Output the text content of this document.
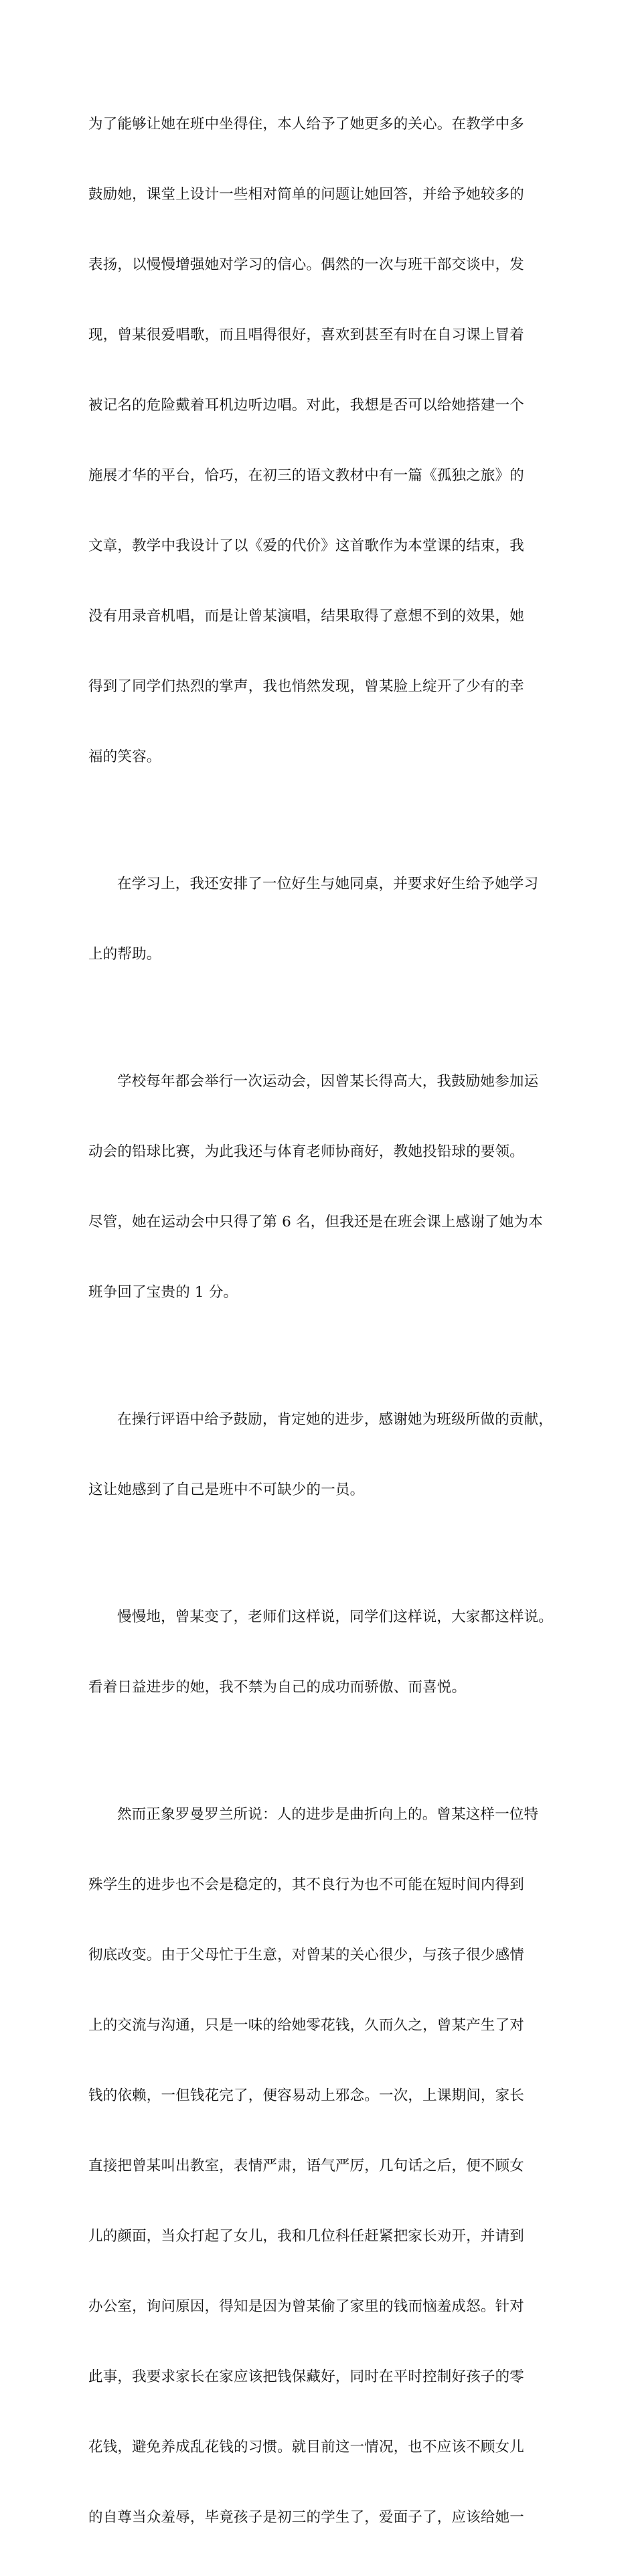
为了能够让她在班中坐得住，本人给予了她更多的关心。在教学中多

鼓励她，课堂上设计一些相对简单的问题让她回答，并给予她较多的

表扬，以慢慢增强她对学习的信心。偶然的一次与班干部交谈中，发

现，曾某很爱唱歌，而且唱得很好，喜欢到甚至有时在自习课上冒着

被记名的危险戴着耳机边听边唱。对此，我想是否可以给她搭建一个

施展才华的平台，恰巧，在初三的语文教材中有一篇《孤独之旅》的

文章，教学中我设计了以《爱的代价》这首歌作为本堂课的结束，我

没有用录音机唱，而是让曾某演唱，结果取得了意想不到的效果，她

得到了同学们热烈的掌声，我也悄然发现，曾某脸上绽开了少有的幸

福的笑容。

在学习上，我还安排了一位好生与她同桌，并要求好生给予她学习

上的帮助。

学校每年都会举行一次运动会，因曾某长得高大，我鼓励她参加运

动会的铅球比赛，为此我还与体育老师协商好，教她投铅球的要领。

尽管，她在运动会中只得了第 6 名，但我还是在班会课上感谢了她为本

班争回了宝贵的 1 分。

在操行评语中给予鼓励，肯定她的进步，感谢她为班级所做的贡献，

这让她感到了自己是班中不可缺少的一员。

慢慢地，曾某变了，老师们这样说，同学们这样说，大家都这样说。

看着日益进步的她，我不禁为自己的成功而骄傲、而喜悦。

然而正象罗曼罗兰所说：人的进步是曲折向上的。曾某这样一位特

殊学生的进步也不会是稳定的，其不良行为也不可能在短时间内得到

彻底改变。由于父母忙于生意，对曾某的关心很少，与孩子很少感情

上的交流与沟通，只是一味的给她零花钱，久而久之，曾某产生了对

钱的依赖，一但钱花完了，便容易动上邪念。一次，上课期间，家长

直接把曾某叫出教室，表情严肃，语气严厉，几句话之后，便不顾女

儿的颜面，当众打起了女儿，我和几位科任赶紧把家长劝开，并请到

办公室，询问原因，得知是因为曾某偷了家里的钱而恼羞成怒。针对

此事，我要求家长在家应该把钱保藏好，同时在平时控制好孩子的零

花钱，避免养成乱花钱的习惯。就目前这一情况，也不应该不顾女儿

的自尊当众羞辱，毕竟孩子是初三的学生了，爱面子了，应该给她一
